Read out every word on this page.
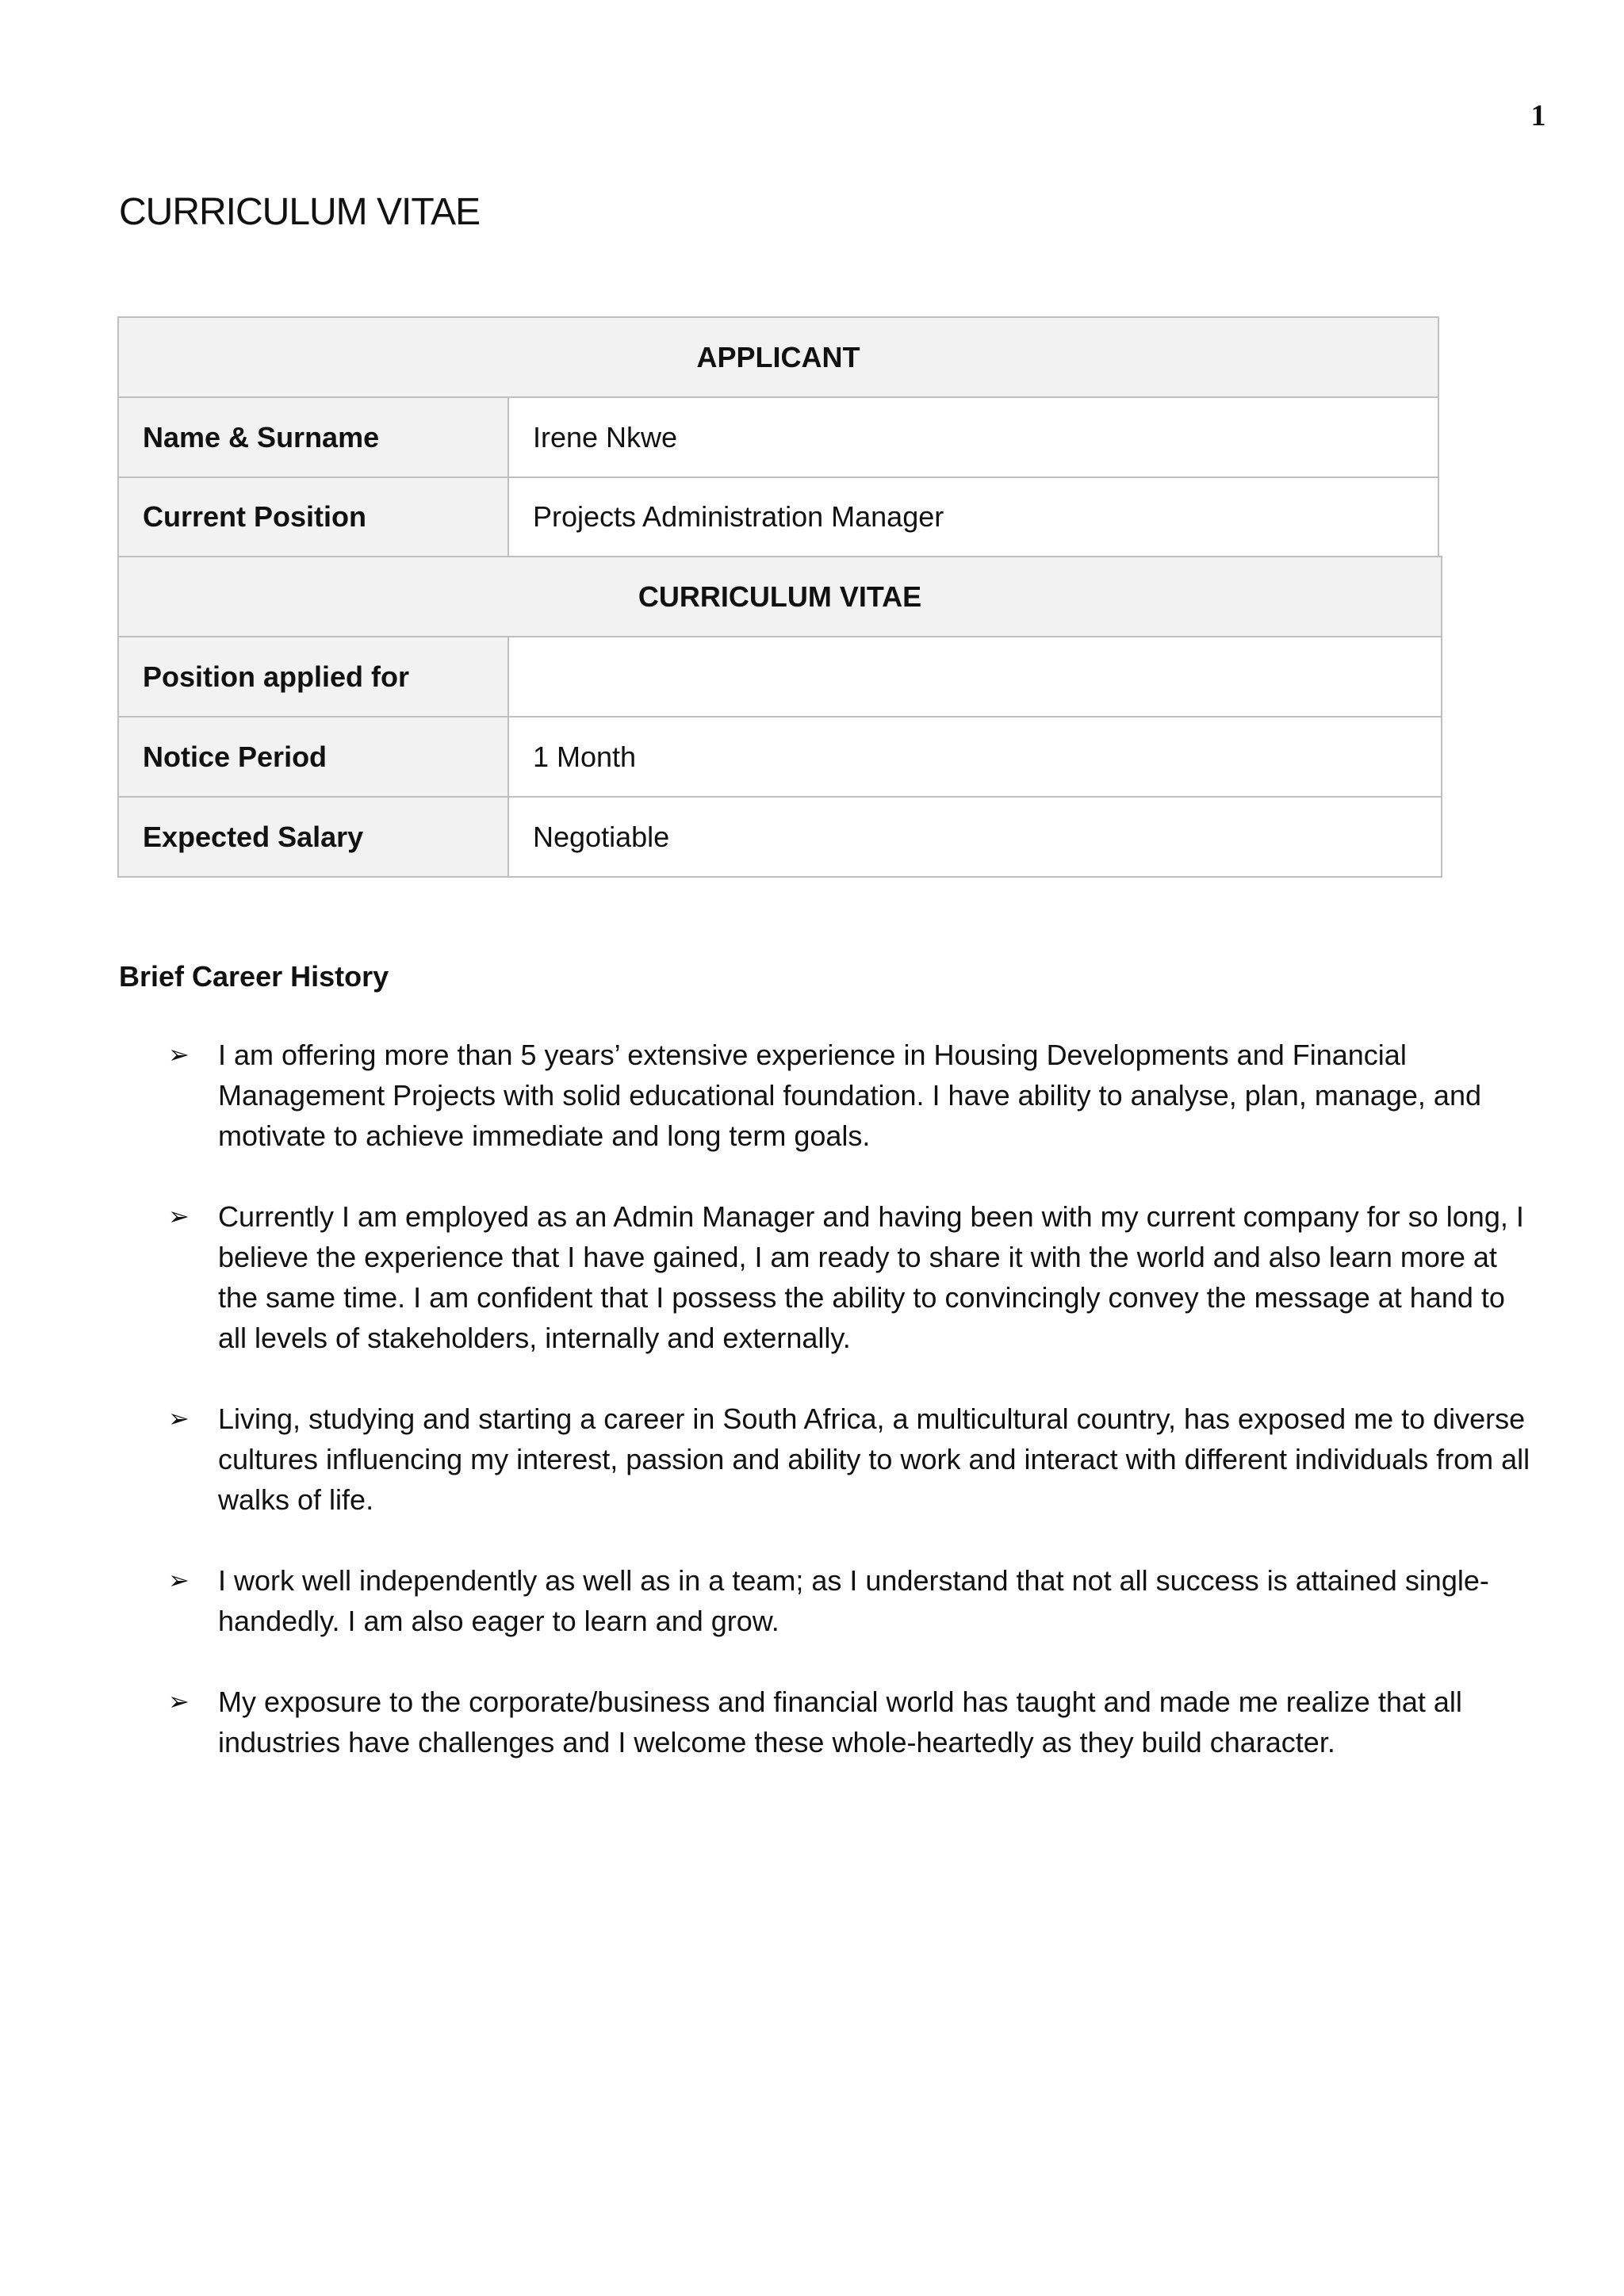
1
CURRICULUM VITAE
APPLICANT	
Name & Surname	Irene Nkwe
Current Position	Projects Administration Manager
CURRICULUM VITAE	
Position applied for	
Notice Period	1 Month
Expected Salary	Negotiable
Brief Career History
➢ I am offering more than 5 years’ extensive experience in Housing Developments and Financial Management Projects with solid educational foundation. I have ability to analyse, plan, manage, and motivate to achieve immediate and long term goals.
➢ Currently I am employed as an Admin Manager and having been with my current company for so long, I believe the experience that I have gained, I am ready to share it with the world and also learn more at the same time. I am confident that I possess the ability to convincingly convey the message at hand to all levels of stakeholders, internally and externally.
➢ Living, studying and starting a career in South Africa, a multicultural country, has exposed me to diverse cultures influencing my interest, passion and ability to work and interact with different individuals from all walks of life.
➢ I work well independently as well as in a team; as I understand that not all success is attained single-handedly. I am also eager to learn and grow.
➢ My exposure to the corporate/business and financial world has taught and made me realize that all industries have challenges and I welcome these whole-heartedly as they build character.
